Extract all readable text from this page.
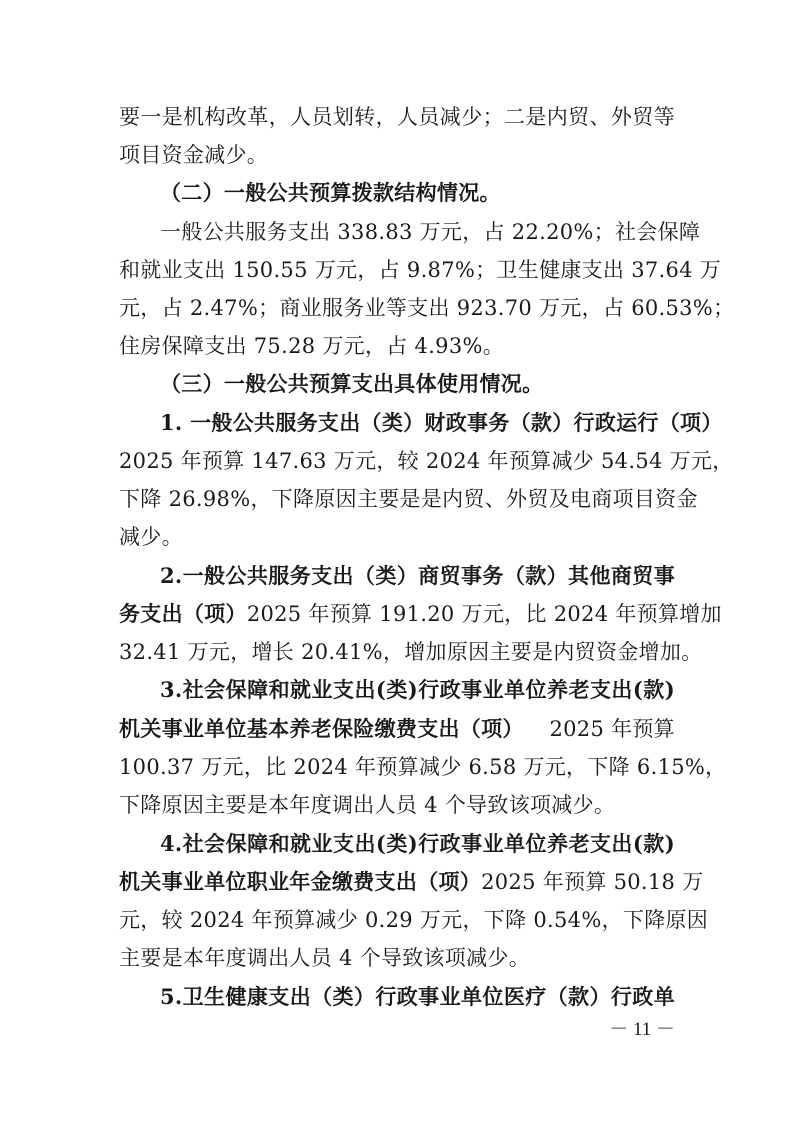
要一是机构改革，人员划转，人员减少；二是内贸、外贸等
项目资金减少。
（二）一般公共预算拨款结构情况。
一般公共服务支出 338.83 万元，占 22.20%；社会保障
和就业支出 150.55 万元，占 9.87%；卫生健康支出 37.64 万
元，占 2.47%；商业服务业等支出 923.70 万元，占 60.53%；
住房保障支出 75.28 万元，占 4.93%。
（三）一般公共预算支出具体使用情况。
1. 一般公共服务支出（类）财政事务（款）行政运行（项）
2025 年预算 147.63 万元，较 2024 年预算减少 54.54 万元，
下降 26.98%，下降原因主要是是内贸、外贸及电商项目资金
减少。
2.一般公共服务支出（类）商贸事务（款）其他商贸事
务支出（项） 2025 年预算 191.20 万元，比 2024 年预算增加
32.41 万元，增长 20.41%，增加原因主要是内贸资金增加。
3.社会保障和就业支出(类)行政事业单位养老支出(款)
机关事业单位基本养老保险缴费支出（项） 2025 年预算
100.37 万元，比 2024 年预算减少 6.58 万元，下降 6.15%，
下降原因主要是本年度调出人员 4 个导致该项减少。
4.社会保障和就业支出(类)行政事业单位养老支出(款)
机关事业单位职业年金缴费支出（项） 2025 年预算 50.18 万
元，较 2024 年预算减少 0.29 万元，下降 0.54%，下降原因
主要是本年度调出人员 4 个导致该项减少。
5.卫生健康支出（类）行政事业单位医疗（款）行政单
－ 11 －
